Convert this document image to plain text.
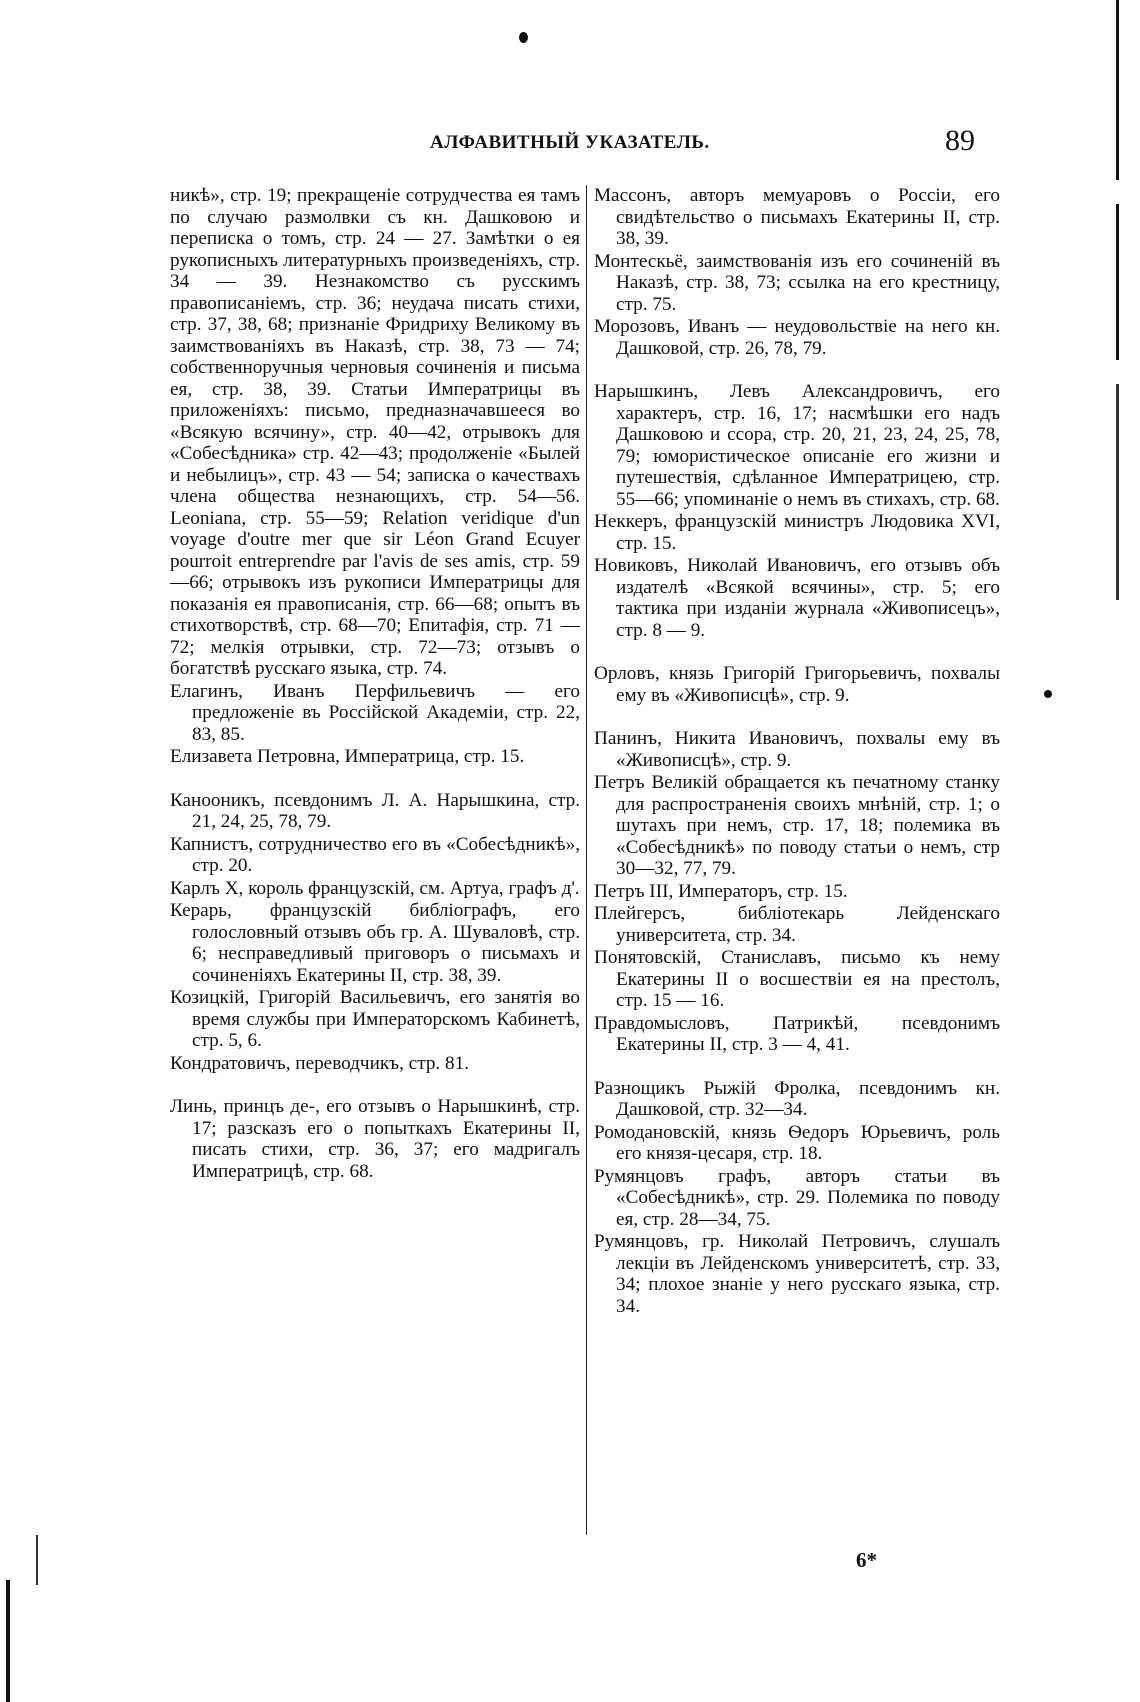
АЛФАВИТНЫЙ УКАЗАТЕЛЬ.	89

никѣ», стр. 19; прекращеніе сотрудчества ея тамъ по случаю размолвки съ кн. Дашковою и переписка о томъ, стр. 24 — 27. Замѣтки о ея рукописныхъ литературныхъ произведеніяхъ, стр. 34 — 39. Незнакомство съ русскимъ правописаніемъ, стр. 36; неудача писать стихи, стр. 37, 38, 68; признаніе Фридриху Великому въ заимствованіяхъ въ Наказѣ, стр. 38, 73 — 74; собственноручныя черновыя сочиненія и письма ея, стр. 38, 39. Статьи Императрицы въ приложеніяхъ: письмо, предназначавшееся во «Всякую всячину», стр. 40—42, отрывокъ для «Собесѣдника» стр. 42—43; продолженіе «Былей и небылицъ», стр. 43 — 54; записка о качествахъ члена общества незнающихъ, стр. 54—56. Leoniana, стр. 55—59; Relation veridique d'un voyage d'outre mer que sir Léon Grand Ecuyer pourroit entreprendre par l'avis de ses amis, стр. 59—66; отрывокъ изъ рукописи Императрицы для показанія ея правописанія, стр. 66—68; опытъ въ стихотворствѣ, стр. 68—70; Епитафія, стр. 71 — 72; мелкія отрывки, стр. 72—73; отзывъ о богатствѣ русскаго языка, стр. 74.

Елагинъ, Иванъ Перфильевичъ — его предложеніе въ Россійской Академіи, стр. 22, 83, 85.

Елизавета Петровна, Императрица, стр. 15.

Канооникъ, псевдонимъ Л. А. Нарышкина, стр. 21, 24, 25, 78, 79.

Капнистъ, сотрудничество его въ «Собесѣдникѣ», стр. 20.

Карлъ X, король французскій, см. Артуа, графъ д'.

Керарь, французскій библіографъ, его голословный отзывъ объ гр. А. Шуваловѣ, стр. 6; несправедливый приговоръ о письмахъ и сочиненіяхъ Екатерины II, стр. 38, 39.

Козицкій, Григорій Васильевичъ, его занятія во время службы при Императорскомъ Кабинетѣ, стр. 5, 6.

Кондратовичъ, переводчикъ, стр. 81.

Линь, принцъ де-, его отзывъ о Нарышкинѣ, стр. 17; разсказъ его о попыткахъ Екатерины II, писать стихи, стр. 36, 37; его мадригалъ Императрицѣ, стр. 68.

Массонъ, авторъ мемуаровъ о Россіи, его свидѣтельство о письмахъ Екатерины II, стр. 38, 39.

Монтескьё, заимствованія изъ его сочиненій въ Наказѣ, стр. 38, 73; ссылка на его крестницу, стр. 75.

Морозовъ, Иванъ — неудовольствіе на него кн. Дашковой, стр. 26, 78, 79.

Нарышкинъ, Левъ Александровичъ, его характеръ, стр. 16, 17; насмѣшки его надъ Дашковою и ссора, стр. 20, 21, 23, 24, 25, 78, 79; юмористическое описаніе его жизни и путешествія, сдѣланное Императрицею, стр. 55—66; упоминаніе о немъ въ стихахъ, стр. 68.

Неккеръ, французскій министръ Людовика XVI, стр. 15.

Новиковъ, Николай Ивановичъ, его отзывъ объ издателѣ «Всякой всячины», стр. 5; его тактика при изданіи журнала «Живописецъ», стр. 8 — 9.

Орловъ, князь Григорій Григорьевичъ, похвалы ему въ «Живописцѣ», стр. 9.

Панинъ, Никита Ивановичъ, похвалы ему въ «Живописцѣ», стр. 9.

Петръ Великій обращается къ печатному станку для распространенія своихъ мнѣній, стр. 1; о шутахъ при немъ, стр. 17, 18; полемика въ «Собесѣдникѣ» по поводу статьи о немъ, стр 30—32, 77, 79.

Петръ III, Императоръ, стр. 15.

Плейгерсъ, библіотекарь Лейденскаго университета, стр. 34.

Понятовскій, Станиславъ, письмо къ нему Екатерины II о восшествіи ея на престолъ, стр. 15 — 16.

Правдомысловъ, Патрикѣй, псевдонимъ Екатерины II, стр. 3 — 4, 41.

Разнощикъ Рыжій Фролка, псевдонимъ кн. Дашковой, стр. 32—34.

Ромодановскій, князь Ѳедоръ Юрьевичъ, роль его князя-цесаря, стр. 18.

Румянцовъ графъ, авторъ статьи въ «Собесѣдникѣ», стр. 29. Полемика по поводу ея, стр. 28—34, 75.

Румянцовъ, гр. Николай Петровичъ, слушалъ лекціи въ Лейденскомъ университетѣ, стр. 33, 34; плохое знаніе у него русскаго языка, стр. 34.

6*
